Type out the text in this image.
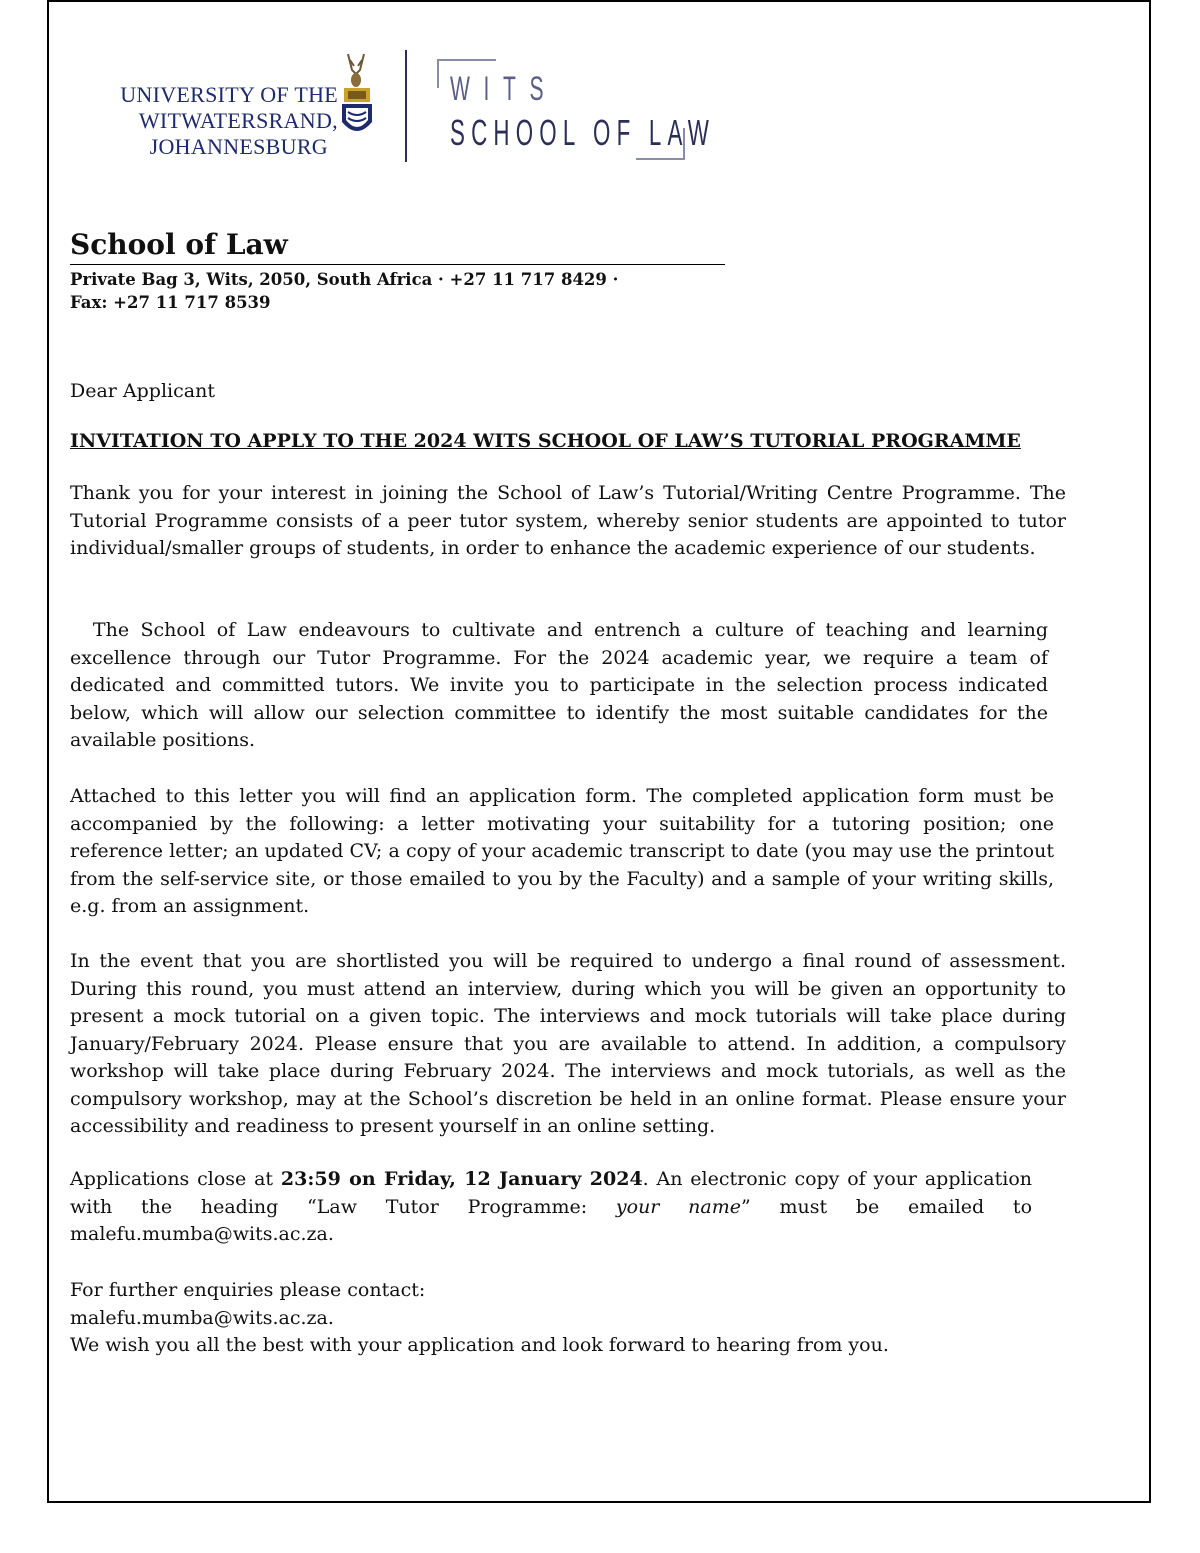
UNIVERSITY OF THE
WITWATERSRAND,
JOHANNESBURG
WITS
SCHOOL OF LAW
School of Law
Private Bag 3, Wits, 2050, South Africa · +27 11 717 8429 ·
Fax: +27 11 717 8539
Dear Applicant
INVITATION TO APPLY TO THE 2024 WITS SCHOOL OF LAW’S TUTORIAL PROGRAMME
Thank you for your interest in joining the School of Law’s Tutorial/Writing Centre Programme. The Tutorial Programme consists of a peer tutor system, whereby senior students are appointed to tutor individual/smaller groups of students, in order to enhance the academic experience of our students.
The School of Law endeavours to cultivate and entrench a culture of teaching and learning excellence through our Tutor Programme. For the 2024 academic year, we require a team of dedicated and committed tutors. We invite you to participate in the selection process indicated below, which will allow our selection committee to identify the most suitable candidates for the available positions.
Attached to this letter you will find an application form. The completed application form must be accompanied by the following: a letter motivating your suitability for a tutoring position; one reference letter; an updated CV; a copy of your academic transcript to date (you may use the printout from the self-service site, or those emailed to you by the Faculty) and a sample of your writing skills, e.g. from an assignment.
In the event that you are shortlisted you will be required to undergo a final round of assessment. During this round, you must attend an interview, during which you will be given an opportunity to present a mock tutorial on a given topic. The interviews and mock tutorials will take place during January/February 2024. Please ensure that you are available to attend. In addition, a compulsory workshop will take place during February 2024. The interviews and mock tutorials, as well as the compulsory workshop, may at the School’s discretion be held in an online format. Please ensure your accessibility and readiness to present yourself in an online setting.
Applications close at 23:59 on Friday, 12 January 2024. An electronic copy of your application with the heading “Law Tutor Programme: your name” must be emailed to malefu.mumba@wits.ac.za.
For further enquiries please contact:
malefu.mumba@wits.ac.za.
We wish you all the best with your application and look forward to hearing from you.
